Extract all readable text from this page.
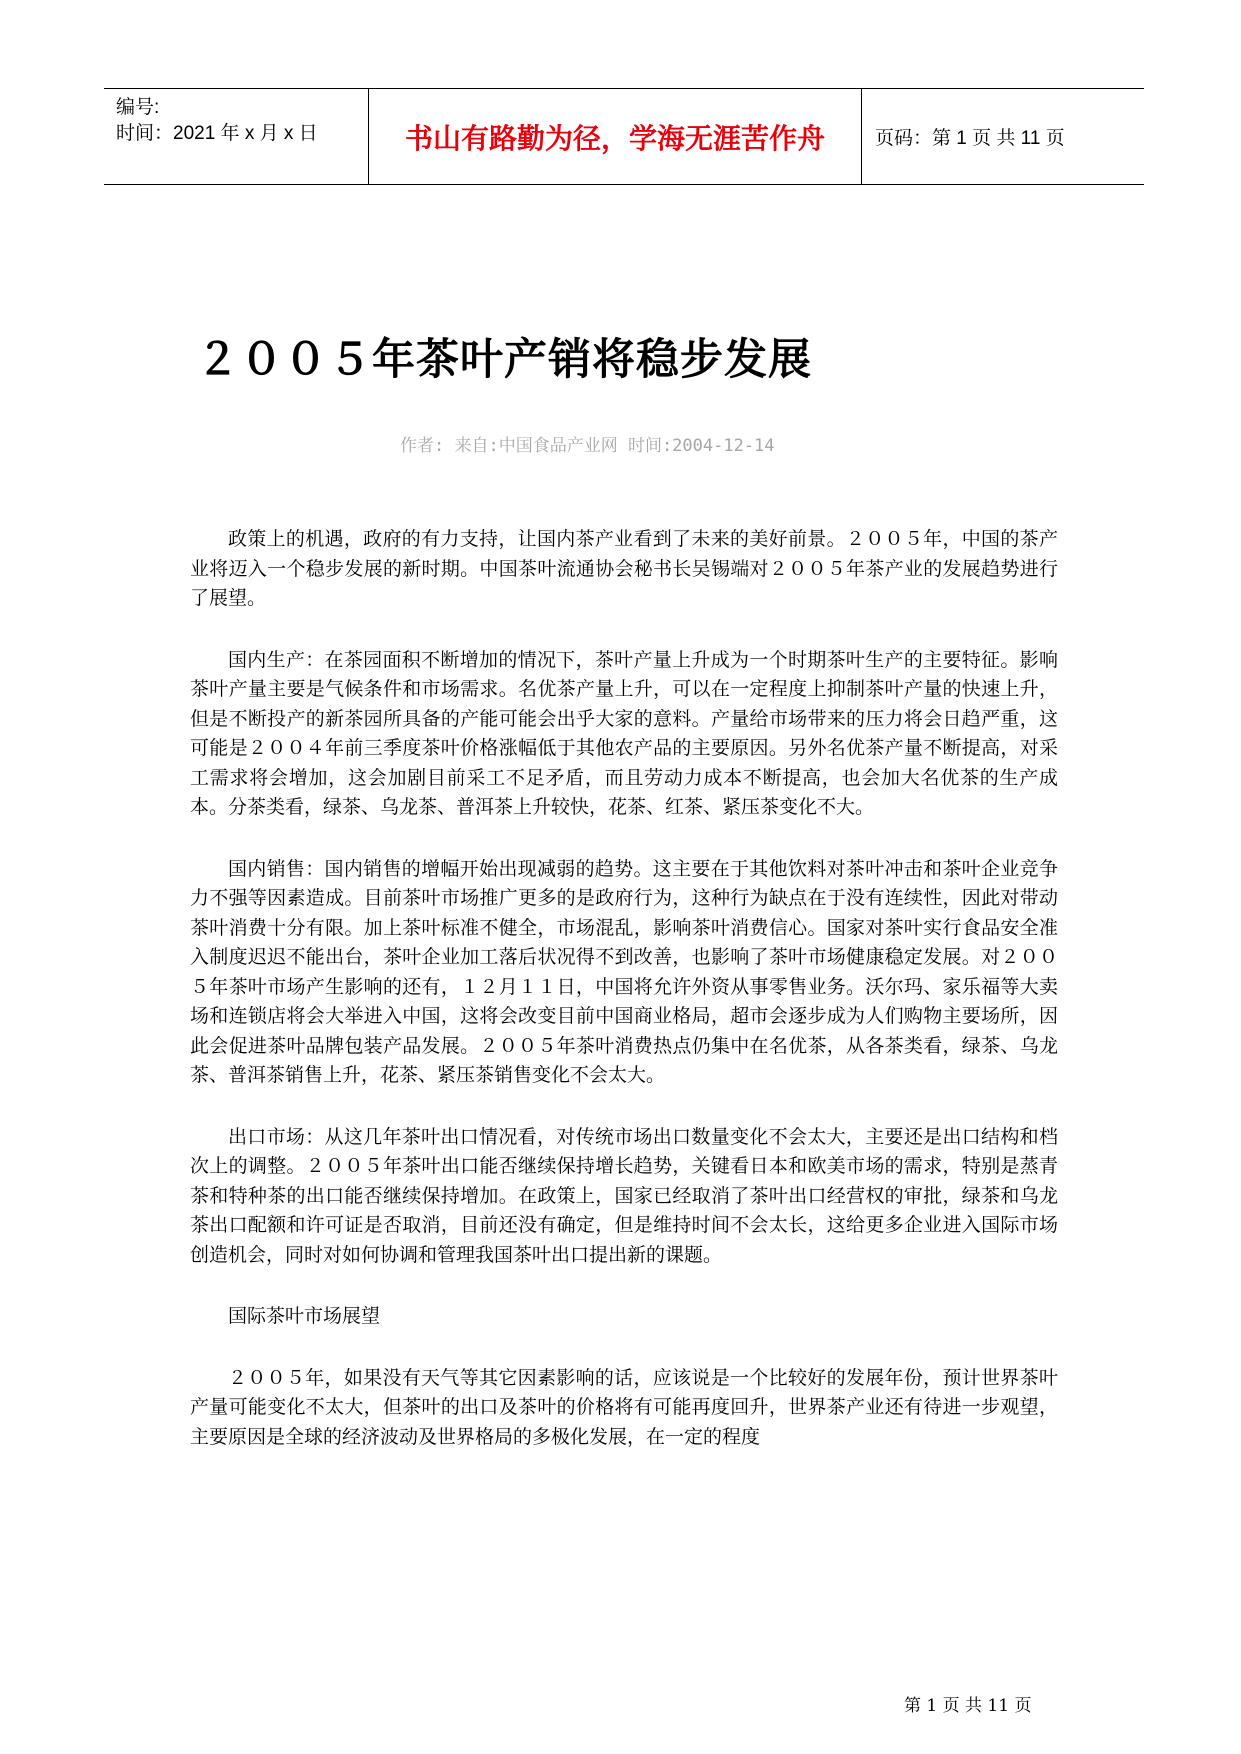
编号:
时间：2021 年 x 月 x 日	书山有路勤为径，学海无涯苦作舟	页码：第 1 页 共 11 页
２００５年茶叶产销将稳步发展
作者: 来自:中国食品产业网 时间:2004-12-14

政策上的机遇，政府的有力支持，让国内茶产业看到了未来的美好前景。２００５年，中国的茶产业将迈入一个稳步发展的新时期。中国茶叶流通协会秘书长吴锡端对２００５年茶产业的发展趋势进行了展望。

国内生产：在茶园面积不断增加的情况下，茶叶产量上升成为一个时期茶叶生产的主要特征。影响茶叶产量主要是气候条件和市场需求。名优茶产量上升，可以在一定程度上抑制茶叶产量的快速上升，但是不断投产的新茶园所具备的产能可能会出乎大家的意料。产量给市场带来的压力将会日趋严重，这可能是２００４年前三季度茶叶价格涨幅低于其他农产品的主要原因。另外名优茶产量不断提高，对采工需求将会增加，这会加剧目前采工不足矛盾，而且劳动力成本不断提高，也会加大名优茶的生产成本。分茶类看，绿茶、乌龙茶、普洱茶上升较快，花茶、红茶、紧压茶变化不大。

国内销售：国内销售的增幅开始出现减弱的趋势。这主要在于其他饮料对茶叶冲击和茶叶企业竞争力不强等因素造成。目前茶叶市场推广更多的是政府行为，这种行为缺点在于没有连续性，因此对带动茶叶消费十分有限。加上茶叶标准不健全，市场混乱，影响茶叶消费信心。国家对茶叶实行食品安全准入制度迟迟不能出台，茶叶企业加工落后状况得不到改善，也影响了茶叶市场健康稳定发展。对２００５年茶叶市场产生影响的还有，１２月１１日，中国将允许外资从事零售业务。沃尔玛、家乐福等大卖场和连锁店将会大举进入中国，这将会改变目前中国商业格局，超市会逐步成为人们购物主要场所，因此会促进茶叶品牌包装产品发展。２００５年茶叶消费热点仍集中在名优茶，从各茶类看，绿茶、乌龙茶、普洱茶销售上升，花茶、紧压茶销售变化不会太大。

出口市场：从这几年茶叶出口情况看，对传统市场出口数量变化不会太大，主要还是出口结构和档次上的调整。２００５年茶叶出口能否继续保持增长趋势，关键看日本和欧美市场的需求，特别是蒸青茶和特种茶的出口能否继续保持增加。在政策上，国家已经取消了茶叶出口经营权的审批，绿茶和乌龙茶出口配额和许可证是否取消，目前还没有确定，但是维持时间不会太长，这给更多企业进入国际市场创造机会，同时对如何协调和管理我国茶叶出口提出新的课题。

国际茶叶市场展望

２００５年，如果没有天气等其它因素影响的话，应该说是一个比较好的发展年份，预计世界茶叶产量可能变化不太大，但茶叶的出口及茶叶的价格将有可能再度回升，世界茶产业还有待进一步观望，主要原因是全球的经济波动及世界格局的多极化发展，在一定的程度

第 1 页 共 11 页
